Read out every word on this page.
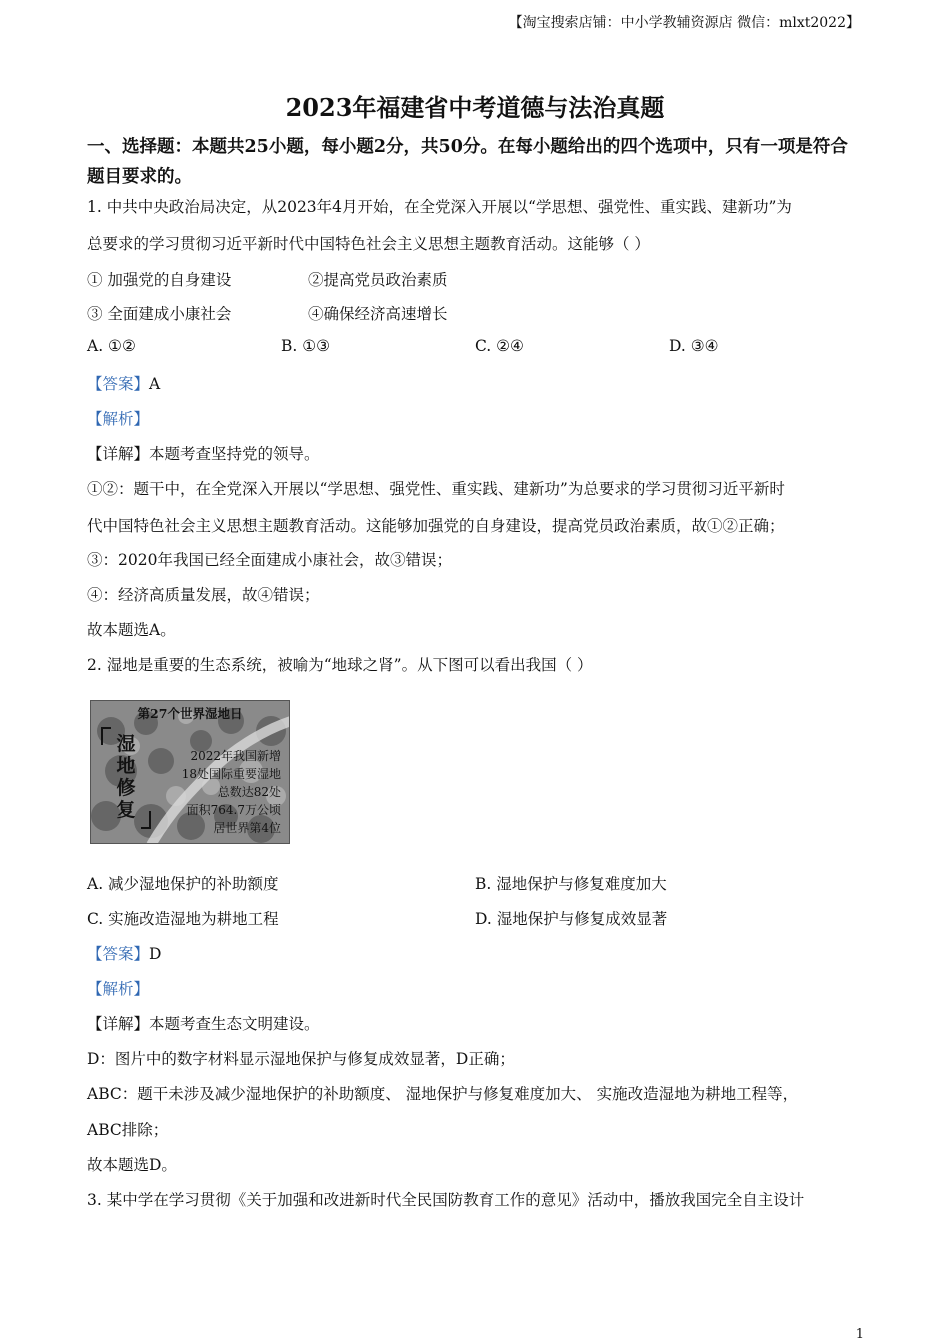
【淘宝搜索店铺：中小学教辅资源店 微信：mlxt2022】
2023年福建省中考道德与法治真题
一、选择题：本题共25小题，每小题2分，共50分。在每小题给出的四个选项中，只有一项是符合题目要求的。
1. 中共中央政治局决定，从2023年4月开始，在全党深入开展以“学思想、强党性、重实践、建新功”为
总要求的学习贯彻习近平新时代中国特色社会主义思想主题教育活动。这能够（ ）
① 加强党的自身建设	②提高党员政治素质
③ 全面建成小康社会	④确保经济高速增长
A. ①②	B. ①③	C. ②④	D. ③④
【答案】A
【解析】
【详解】本题考查坚持党的领导。
①②：题干中，在全党深入开展以“学思想、强党性、重实践、建新功”为总要求的学习贯彻习近平新时
代中国特色社会主义思想主题教育活动。这能够加强党的自身建设，提高党员政治素质，故①②正确；
③：2020年我国已经全面建成小康社会，故③错误；
④：经济高质量发展，故④错误；
故本题选A。
2. 湿地是重要的生态系统，被喻为“地球之肾”。从下图可以看出我国（ ）
第27个世界湿地日
湿
地
修
复
2022年我国新增
18处国际重要湿地
总数达82处
面积764.7万公顷
居世界第4位
A. 减少湿地保护的补助额度	B. 湿地保护与修复难度加大
C. 实施改造湿地为耕地工程	D. 湿地保护与修复成效显著
【答案】D
【解析】
【详解】本题考查生态文明建设。
D：图片中的数字材料显示湿地保护与修复成效显著，D正确；
ABC：题干未涉及减少湿地保护的补助额度、 湿地保护与修复难度加大、 实施改造湿地为耕地工程等，
ABC排除；
故本题选D。
3. 某中学在学习贯彻《关于加强和改进新时代全民国防教育工作的意见》活动中，播放我国完全自主设计
1
